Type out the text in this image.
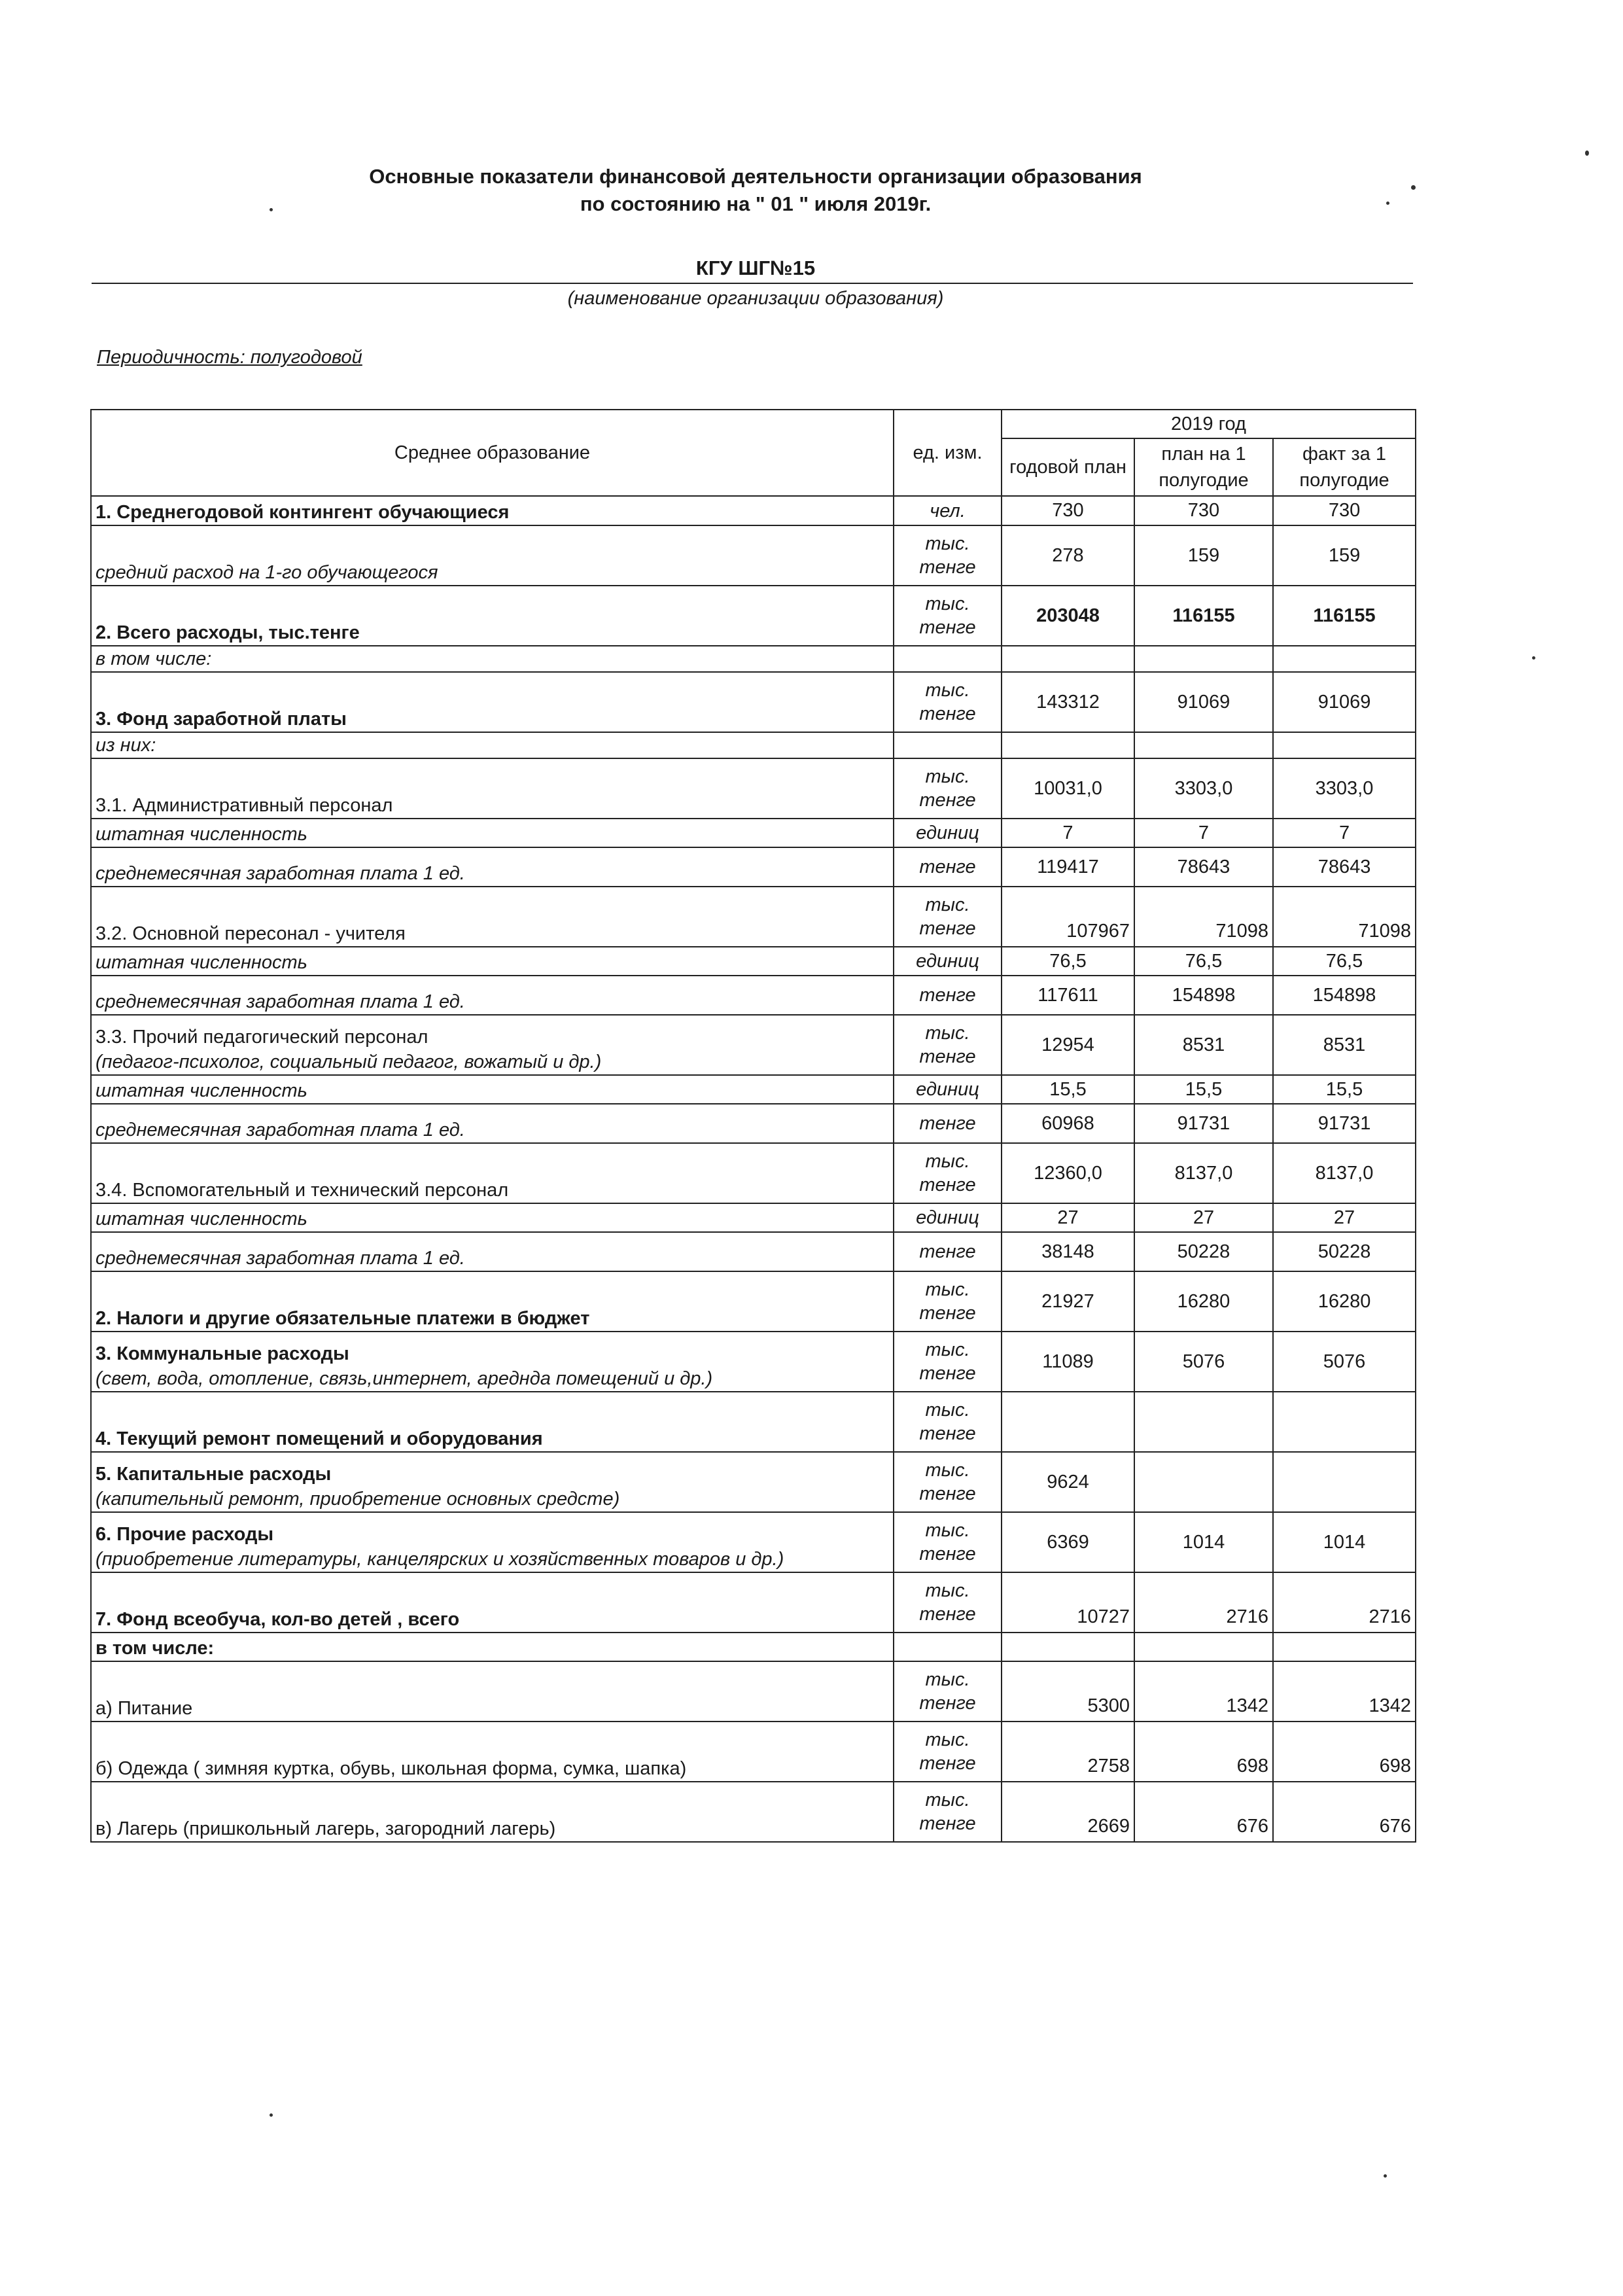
Основные показатели финансовой деятельности организации образования
по состоянию на " 01 " июля 2019г.
КГУ ШГ№15
(наименование организации образования)
Периодичность: полугодовой
Среднее образование	ед. изм.	2019 год		
		годовой план	план на 1 полугодие	факт за 1 полугодие
1. Среднегодовой контингент обучающиеся	чел.	730	730	730
средний расход на 1-го обучающегося	тыс. тенге	278	159	159
2. Всего расходы, тыс.тенге	тыс. тенге	203048	116155	116155
в том числе:				
3. Фонд заработной платы	тыс. тенге	143312	91069	91069
из них:				
3.1. Административный персонал	тыс. тенге	10031,0	3303,0	3303,0
штатная численность	единиц	7	7	7
среднемесячная заработная плата 1 ед.	тенге	119417	78643	78643
3.2. Основной пересонал - учителя	тыс. тенге	107967	71098	71098
штатная численность	единиц	76,5	76,5	76,5
среднемесячная заработная плата 1 ед.	тенге	117611	154898	154898
3.3. Прочий педагогический персонал
(педагог-психолог, социальный педагог, вожатый и др.)	тыс. тенге	12954	8531	8531
штатная численность	единиц	15,5	15,5	15,5
среднемесячная заработная плата 1 ед.	тенге	60968	91731	91731
3.4. Вспомогательный и технический персонал	тыс. тенге	12360,0	8137,0	8137,0
штатная численность	единиц	27	27	27
среднемесячная заработная плата 1 ед.	тенге	38148	50228	50228
2. Налоги и другие обязательные платежи в бюджет	тыс. тенге	21927	16280	16280
3. Коммунальные расходы
(свет, вода, отопление, связь,интернет, ареднда помещений и др.)	тыс. тенге	11089	5076	5076
4. Текущий ремонт помещений и оборудования	тыс. тенге			
5. Капитальные расходы
(капительный ремонт, приобретение основных средстe)	тыс. тенге	9624		
6. Прочие расходы
(приобретение литературы, канцелярских и хозяйственных товаров и др.)	тыс. тенге	6369	1014	1014
7. Фонд всеобуча, кол-во детей , всего	тыс. тенге	10727	2716	2716
в том числе:				
а) Питание	тыс. тенге	5300	1342	1342
б) Одежда ( зимняя куртка, обувь, школьная форма, сумка, шапка)	тыс. тенге	2758	698	698
в) Лагерь (пришкольный лагерь, загородний лагерь)	тыс. тенге	2669	676	676
